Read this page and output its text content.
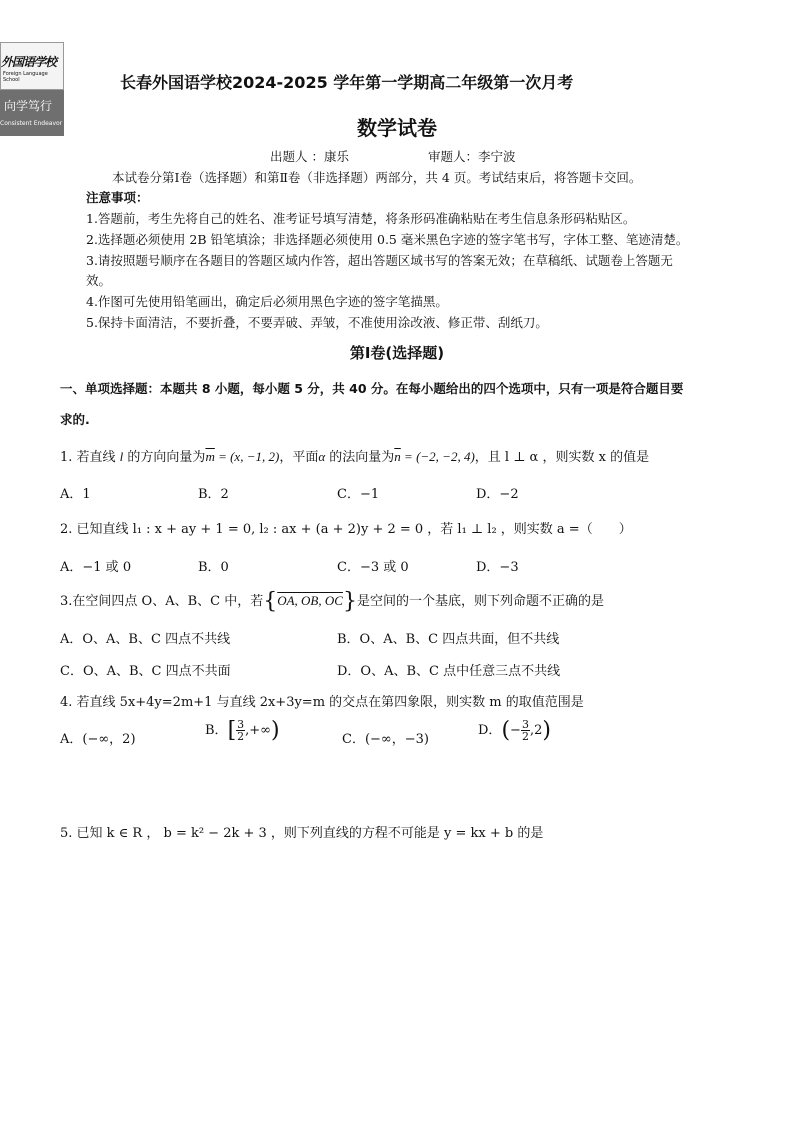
外国语学校
Foreign Language School
向学笃行
Consistent Endeavor
长春外国语学校2024-2025 学年第一学期高二年级第一次月考
数学试卷
出题人 ：康乐	审题人：李宁波
本试卷分第Ⅰ卷（选择题）和第Ⅱ卷（非选择题）两部分，共 4 页。考试结束后，将答题卡交回。
注意事项：
1.答题前，考生先将自己的姓名、准考证号填写清楚，将条形码准确粘贴在考生信息条形码粘贴区。
2.选择题必须使用 2B 铅笔填涂；非选择题必须使用 0.5 毫米黑色字迹的签字笔书写，字体工整、笔迹清楚。
3.请按照题号顺序在各题目的答题区域内作答，超出答题区域书写的答案无效；在草稿纸、试题卷上答题无
效。
4.作图可先使用铅笔画出，确定后必须用黑色字迹的签字笔描黑。
5.保持卡面清洁，不要折叠，不要弄破、弄皱，不准使用涂改液、修正带、刮纸刀。
第Ⅰ卷(选择题)
一、单项选择题：本题共 8 小题，每小题 5 分，共 40 分。在每小题给出的四个选项中，只有一项是符合题目要
求的.
1. 若直线 l 的方向向量为$\overline{m} = (x$, −1, 2)，平面α 的法向量为$\overline{n} = (-2$, −2, 4)，且 l ⊥ α ，则实数 x 的值是
A．1	B．2	C．−1	D．−2
2. 已知直线 l₁ : x + ay + 1 = 0, l₂ : ax + (a + 2)y + 2 = 0 ，若 l₁ ⊥ l₂ ，则实数 a =（　　）
A．−1 或 0	B．0	C．−3 或 0	D．−3
3.在空间四点 O、A、B、C 中，若{OA, OB, OC}是空间的一个基底，则下列命题不正确的是
A．O、A、B、C 四点不共线	B．O、A、B、C 四点共面，但不共线
C．O、A、B、C 四点不共面	D．O、A、B、C 点中任意三点不共线
4. 若直线 5x+4y=2m+1 与直线 2x+3y=m 的交点在第四象限，则实数 m 的取值范围是
A．(−∞，2)
B．[ $\frac{3}{2}$ ,+∞)	C．(−∞，−3)
D．(− $\frac{3}{2} ,2$)
5. 已知 k ∈ R ， b = k² − 2k + 3 ，则下列直线的方程不可能是 y = kx + b 的是
